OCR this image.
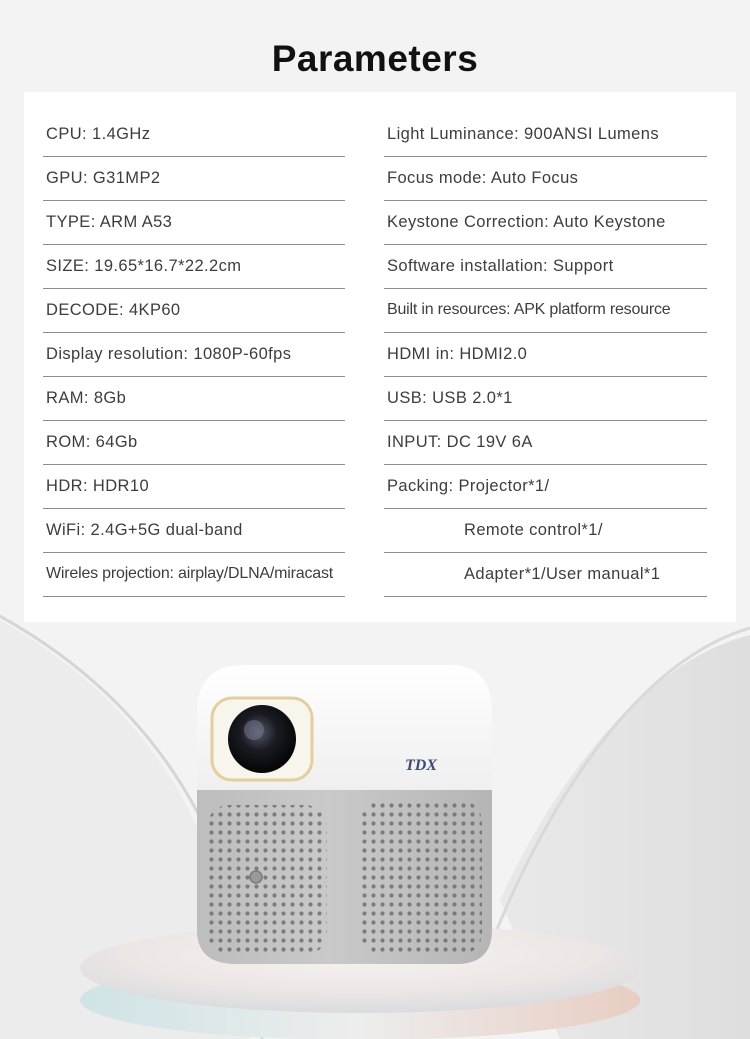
Parameters
CPU: 1.4GHz
GPU: G31MP2
TYPE: ARM A53
SIZE: 19.65*16.7*22.2cm
DECODE: 4KP60
Display resolution: 1080P-60fps
RAM: 8Gb
ROM: 64Gb
HDR: HDR10
WiFi: 2.4G+5G dual-band
Wireles projection: airplay/DLNA/miracast
Light Luminance: 900ANSI Lumens
Focus mode: Auto Focus
Keystone Correction: Auto Keystone
Software installation: Support
Built in resources: APK platform resource
HDMI in: HDMI2.0
USB: USB 2.0*1
INPUT: DC 19V 6A
Packing: Projector*1/
Remote control*1/
Adapter*1/User manual*1
TDX
